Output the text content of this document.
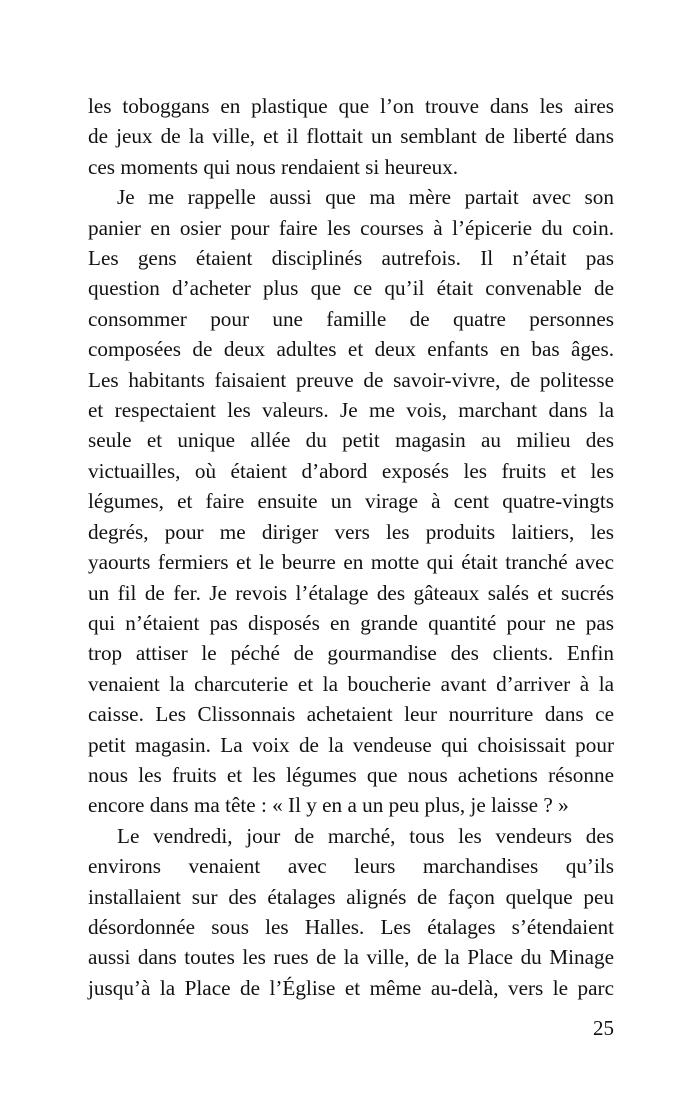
les toboggans en plastique que l’on trouve dans les aires
de jeux de la ville, et il flottait un semblant de liberté dans
ces moments qui nous rendaient si heureux.

Je me rappelle aussi que ma mère partait avec son
panier en osier pour faire les courses à l’épicerie du coin.
Les gens étaient disciplinés autrefois. Il n’était pas
question d’acheter plus que ce qu’il était convenable de
consommer pour une famille de quatre personnes
composées de deux adultes et deux enfants en bas âges.
Les habitants faisaient preuve de savoir-vivre, de politesse
et respectaient les valeurs. Je me vois, marchant dans la
seule et unique allée du petit magasin au milieu des
victuailles, où étaient d’abord exposés les fruits et les
légumes, et faire ensuite un virage à cent quatre-vingts
degrés, pour me diriger vers les produits laitiers, les
yaourts fermiers et le beurre en motte qui était tranché avec
un fil de fer. Je revois l’étalage des gâteaux salés et sucrés
qui n’étaient pas disposés en grande quantité pour ne pas
trop attiser le péché de gourmandise des clients. Enfin
venaient la charcuterie et la boucherie avant d’arriver à la
caisse. Les Clissonnais achetaient leur nourriture dans ce
petit magasin. La voix de la vendeuse qui choisissait pour
nous les fruits et les légumes que nous achetions résonne
encore dans ma tête : « Il y en a un peu plus, je laisse ? »

Le vendredi, jour de marché, tous les vendeurs des
environs venaient avec leurs marchandises qu’ils
installaient sur des étalages alignés de façon quelque peu
désordonnée sous les Halles. Les étalages s’étendaient
aussi dans toutes les rues de la ville, de la Place du Minage
jusqu’à la Place de l’Église et même au-delà, vers le parc

25
